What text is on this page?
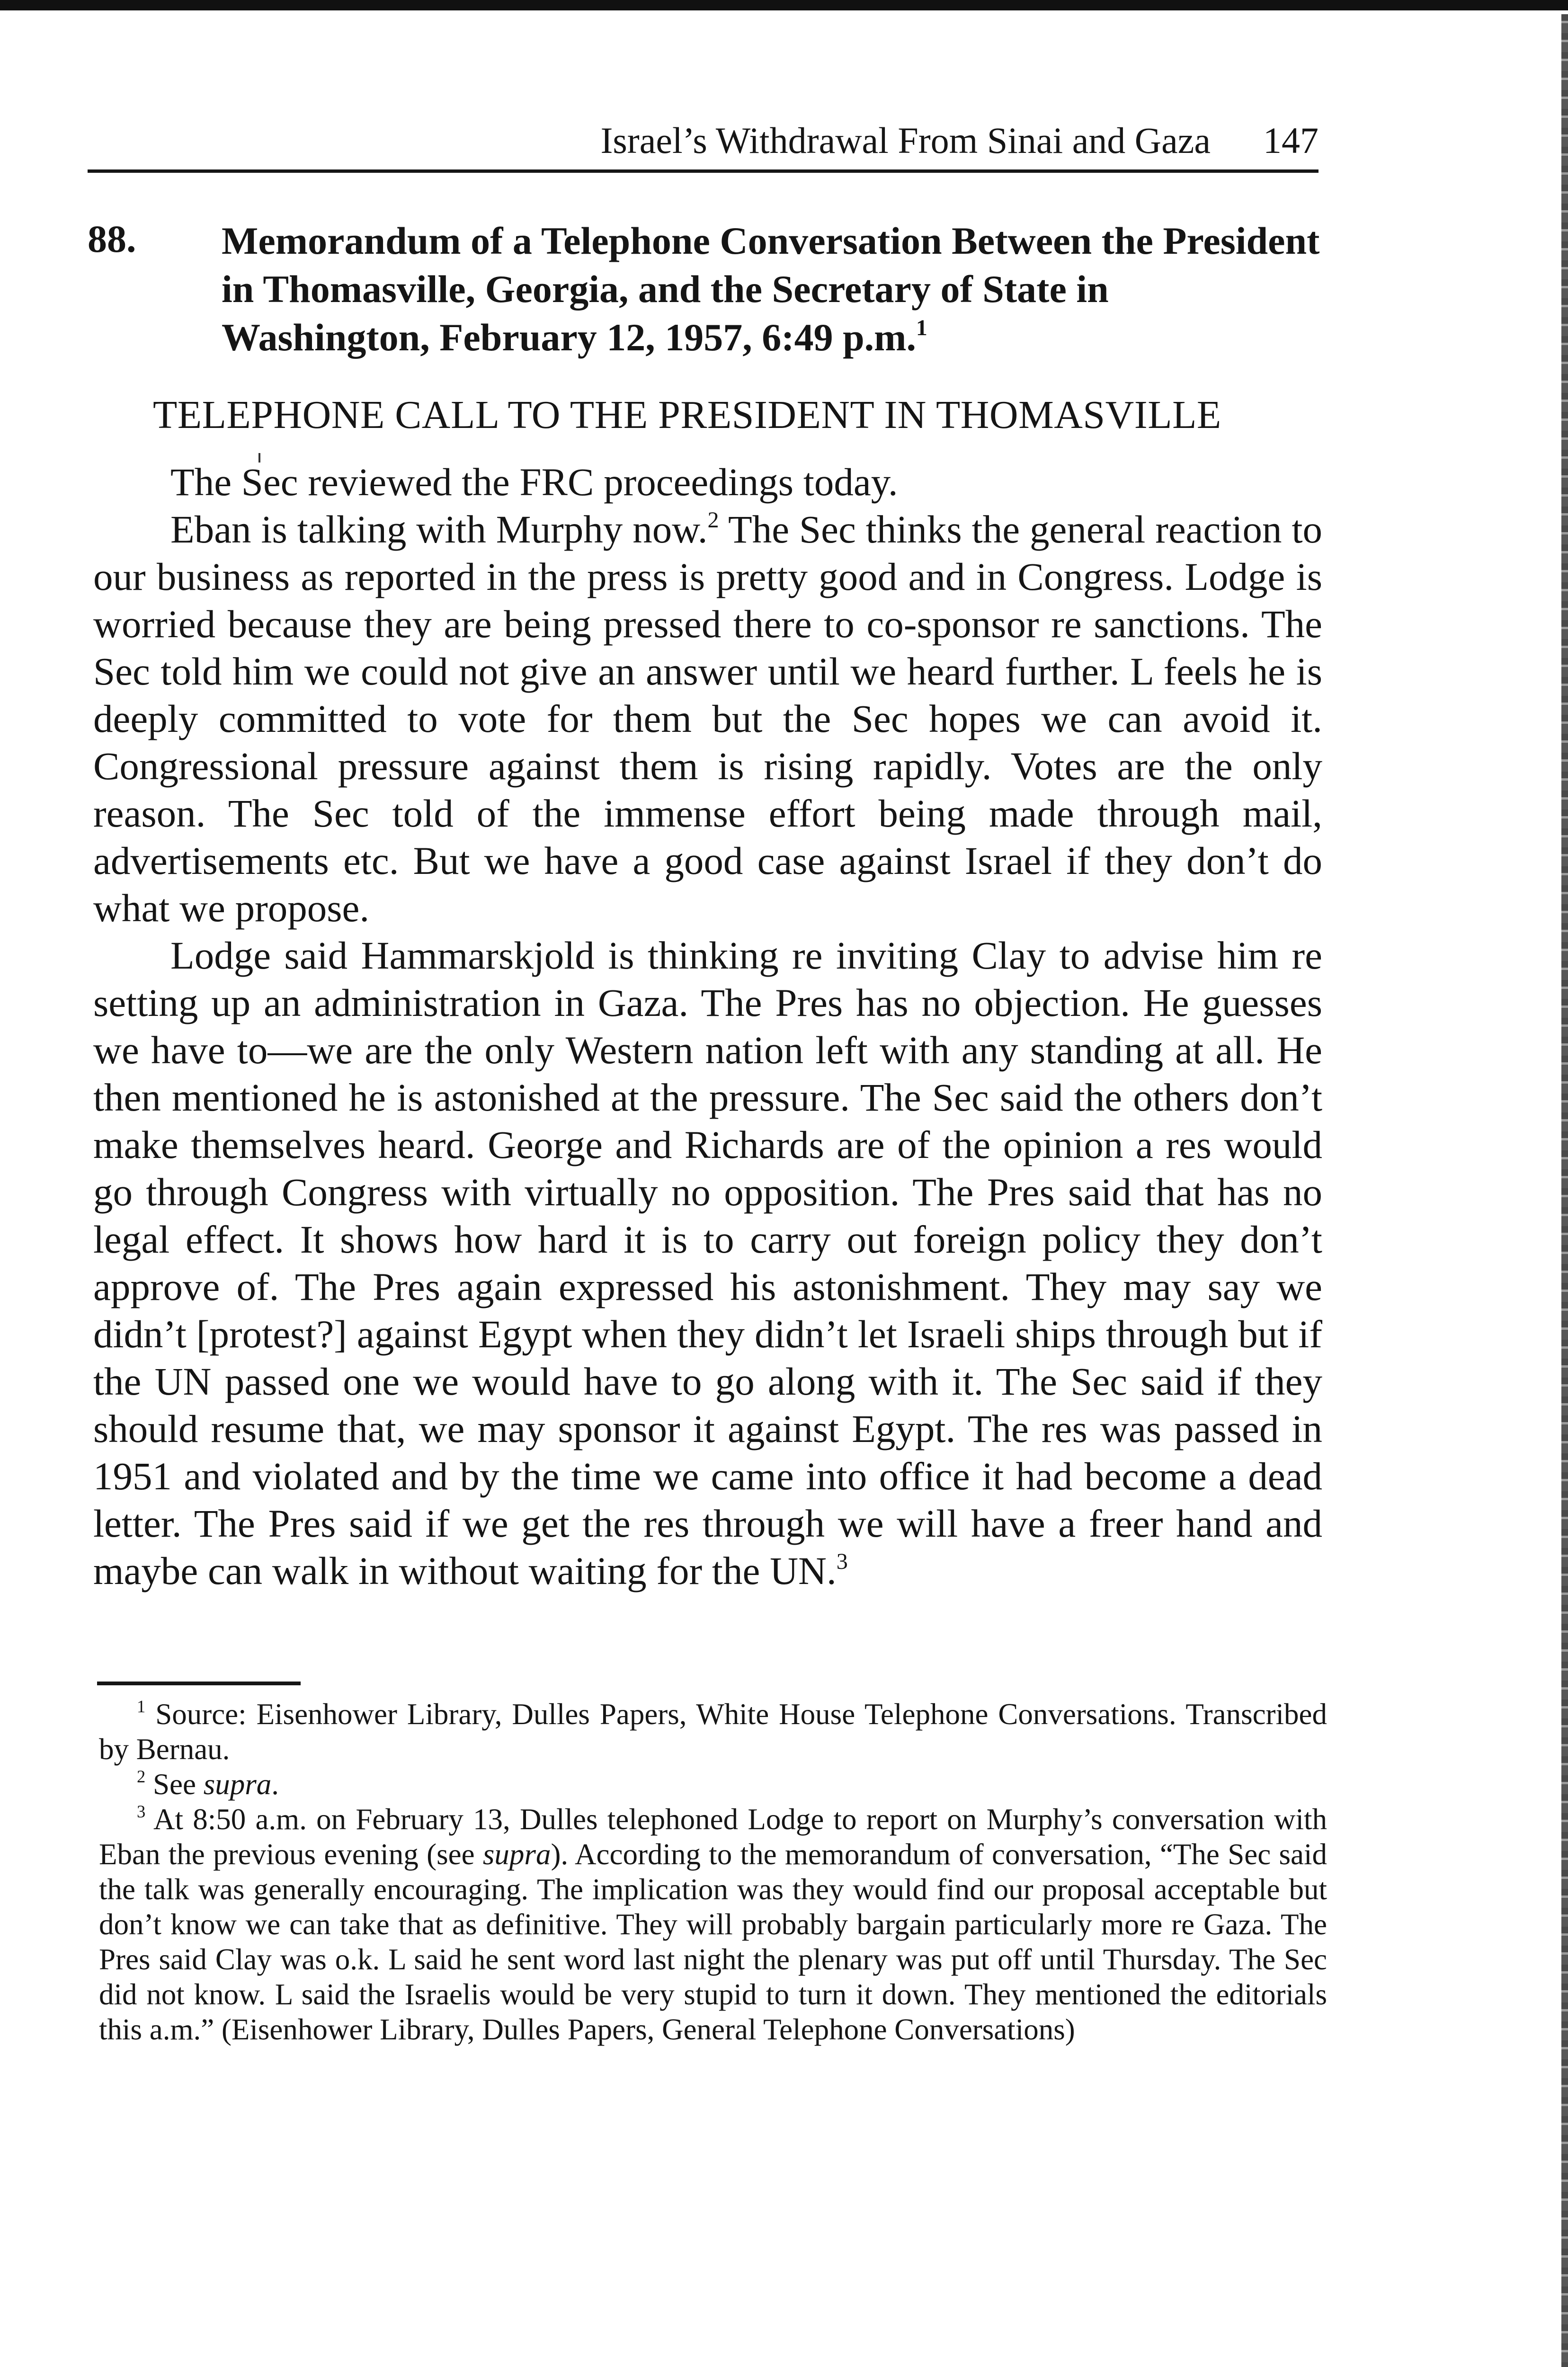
Israel’s Withdrawal From Sinai and Gaza 147
88. Memorandum of a Telephone Conversation Between the President in Thomasville, Georgia, and the Secretary of State in Washington, February 12, 1957, 6:49 p.m.$^1$
TELEPHONE CALL TO THE PRESIDENT IN THOMASVILLE

The Sec reviewed the FRC proceedings today.

Eban is talking with Murphy now.$^2$ The Sec thinks the general reaction to our business as reported in the press is pretty good and in Congress. Lodge is worried because they are being pressed there to co-sponsor re sanctions. The Sec told him we could not give an answer until we heard further. L feels he is deeply committed to vote for them but the Sec hopes we can avoid it. Congressional pressure against them is rising rapidly. Votes are the only reason. The Sec told of the immense effort being made through mail, advertisements etc. But we have a good case against Israel if they don’t do what we propose.

Lodge said Hammarskjold is thinking re inviting Clay to advise him re setting up an administration in Gaza. The Pres has no objection. He guesses we have to—we are the only Western nation left with any standing at all. He then mentioned he is astonished at the pressure. The Sec said the others don’t make themselves heard. George and Richards are of the opinion a res would go through Congress with virtually no opposition. The Pres said that has no legal effect. It shows how hard it is to carry out foreign policy they don’t approve of. The Pres again expressed his astonishment. They may say we didn’t [protest?] against Egypt when they didn’t let Israeli ships through but if the UN passed one we would have to go along with it. The Sec said if they should resume that, we may sponsor it against Egypt. The res was passed in 1951 and violated and by the time we came into office it had become a dead letter. The Pres said if we get the res through we will have a freer hand and maybe can walk in without waiting for the UN.$^3$

$^1$ Source: Eisenhower Library, Dulles Papers, White House Telephone Conversations. Transcribed by Bernau.

$^2$ See supra.

$^3$ At 8:50 a.m. on February 13, Dulles telephoned Lodge to report on Murphy’s conversation with Eban the previous evening (see supra). According to the memorandum of conversation, “The Sec said the talk was generally encouraging. The implication was they would find our proposal acceptable but don’t know we can take that as definitive. They will probably bargain particularly more re Gaza. The Pres said Clay was o.k. L said he sent word last night the plenary was put off until Thursday. The Sec did not know. L said the Israelis would be very stupid to turn it down. They mentioned the editorials this a.m.” (Eisenhower Library, Dulles Papers, General Telephone Conversations)
